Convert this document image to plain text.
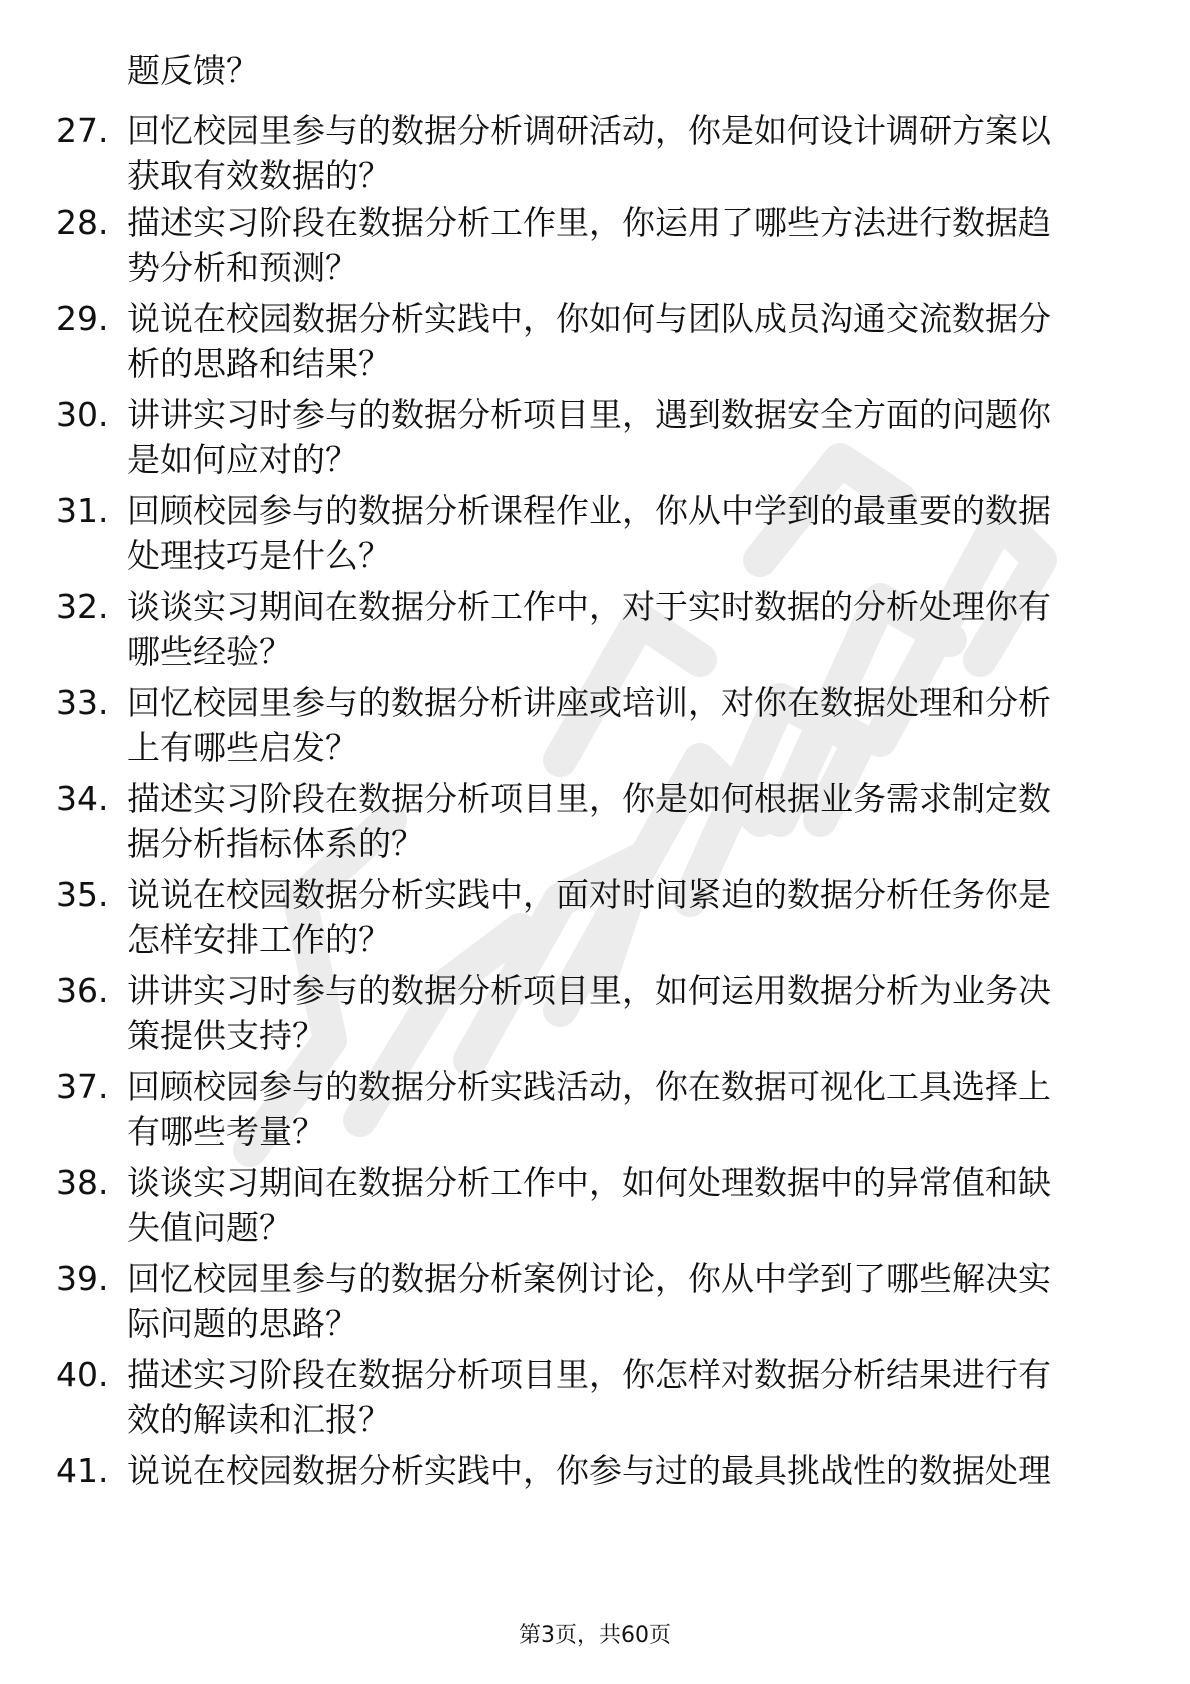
题反馈？
27. 回忆校园里参与的数据分析调研活动，你是如何设计调研方案以
获取有效数据的？
28. 描述实习阶段在数据分析工作里，你运用了哪些方法进行数据趋
势分析和预测？
29. 说说在校园数据分析实践中，你如何与团队成员沟通交流数据分
析的思路和结果？
30. 讲讲实习时参与的数据分析项目里，遇到数据安全方面的问题你
是如何应对的？
31. 回顾校园参与的数据分析课程作业，你从中学到的最重要的数据
处理技巧是什么？
32. 谈谈实习期间在数据分析工作中，对于实时数据的分析处理你有
哪些经验？
33. 回忆校园里参与的数据分析讲座或培训，对你在数据处理和分析
上有哪些启发？
34. 描述实习阶段在数据分析项目里，你是如何根据业务需求制定数
据分析指标体系的？
35. 说说在校园数据分析实践中，面对时间紧迫的数据分析任务你是
怎样安排工作的？
36. 讲讲实习时参与的数据分析项目里，如何运用数据分析为业务决
策提供支持？
37. 回顾校园参与的数据分析实践活动，你在数据可视化工具选择上
有哪些考量？
38. 谈谈实习期间在数据分析工作中，如何处理数据中的异常值和缺
失值问题？
39. 回忆校园里参与的数据分析案例讨论，你从中学到了哪些解决实
际问题的思路？
40. 描述实习阶段在数据分析项目里，你怎样对数据分析结果进行有
效的解读和汇报？
41. 说说在校园数据分析实践中，你参与过的最具挑战性的数据处理
第3页，共60页
